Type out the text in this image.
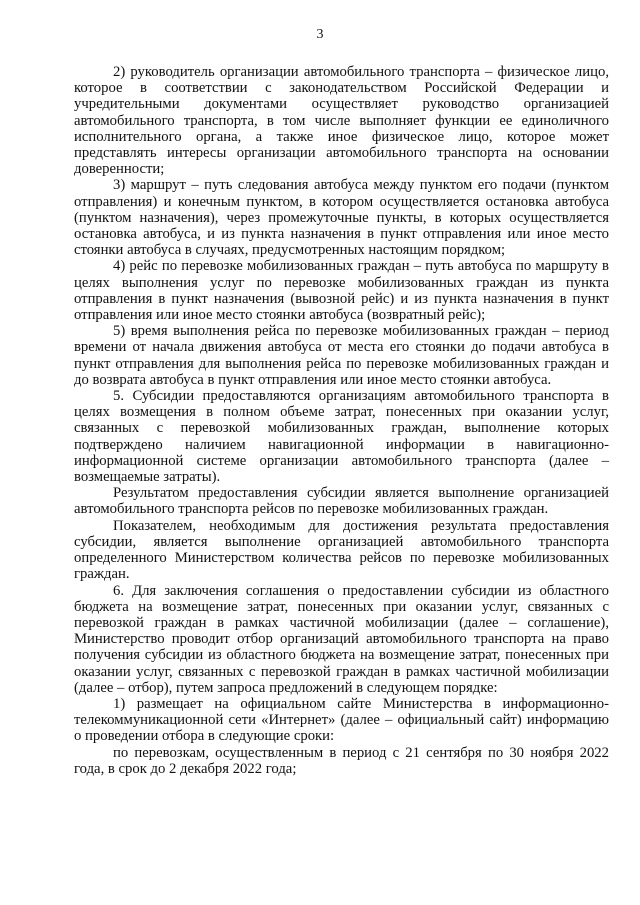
3

2) руководитель организации автомобильного транспорта – физическое лицо, которое в соответствии с законодательством Российской Федерации и учредительными документами осуществляет руководство организацией автомобильного транспорта, в том числе выполняет функции ее единоличного исполнительного органа, а также иное физическое лицо, которое может представлять интересы организации автомобильного транспорта на основании доверенности;

3) маршрут – путь следования автобуса между пунктом его подачи (пунктом отправления) и конечным пунктом, в котором осуществляется остановка автобуса (пунктом назначения), через промежуточные пункты, в которых осуществляется остановка автобуса, и из пункта назначения в пункт отправления или иное место стоянки автобуса в случаях, предусмотренных настоящим порядком;

4) рейс по перевозке мобилизованных граждан – путь автобуса по маршруту в целях выполнения услуг по перевозке мобилизованных граждан из пункта отправления в пункт назначения (вывозной рейс) и из пункта назначения в пункт отправления или иное место стоянки автобуса (возвратный рейс);

5) время выполнения рейса по перевозке мобилизованных граждан – период времени от начала движения автобуса от места его стоянки до подачи автобуса в пункт отправления для выполнения рейса по перевозке мобилизованных граждан и до возврата автобуса в пункт отправления или иное место стоянки автобуса.

5. Субсидии предоставляются организациям автомобильного транспорта в целях возмещения в полном объеме затрат, понесенных при оказании услуг, связанных с перевозкой мобилизованных граждан, выполнение которых подтверждено наличием навигационной информации в навигационно-информационной системе организации автомобильного транспорта (далее – возмещаемые затраты).

Результатом предоставления субсидии является выполнение организацией автомобильного транспорта рейсов по перевозке мобилизованных граждан.

Показателем, необходимым для достижения результата предоставления субсидии, является выполнение организацией автомобильного транспорта определенного Министерством количества рейсов по перевозке мобилизованных граждан.

6. Для заключения соглашения о предоставлении субсидии из областного бюджета на возмещение затрат, понесенных при оказании услуг, связанных с перевозкой граждан в рамках частичной мобилизации (далее – соглашение), Министерство проводит отбор организаций автомобильного транспорта на право получения субсидии из областного бюджета на возмещение затрат, понесенных при оказании услуг, связанных с перевозкой граждан в рамках частичной мобилизации (далее – отбор), путем запроса предложений в следующем порядке:

1) размещает на официальном сайте Министерства в информационно-телекоммуникационной сети «Интернет» (далее – официальный сайт) информацию о проведении отбора в следующие сроки:

по перевозкам, осуществленным в период с 21 сентября по 30 ноября 2022 года, в срок до 2 декабря 2022 года;
